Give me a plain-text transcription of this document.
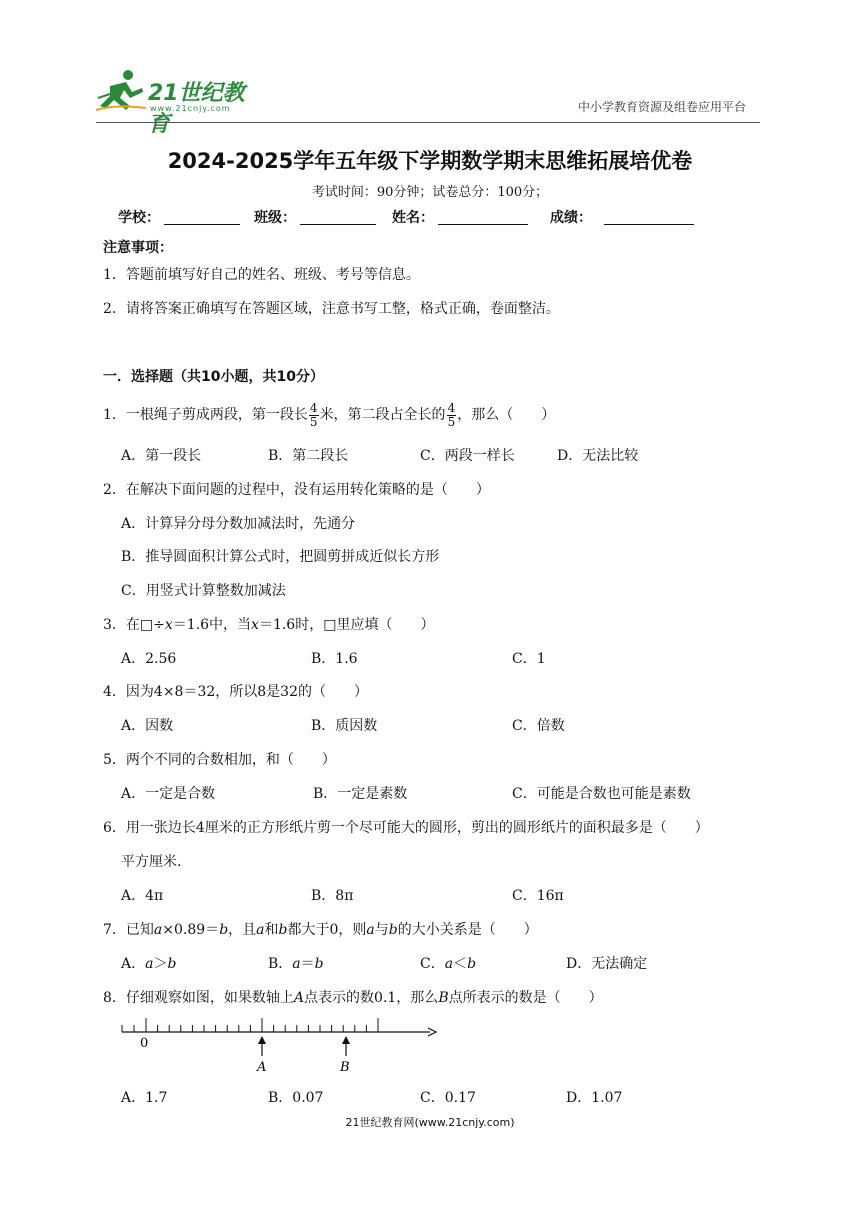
21世纪教育
www.21cnjy.com	中小学教育资源及组卷应用平台
2024-2025学年五年级下学期数学期末思维拓展培优卷
考试时间：90分钟；试卷总分：100分；
学校：	班级：	姓名：	成绩：
注意事项：
1．答题前填写好自己的姓名、班级、考号等信息。
2．请将答案正确填写在答题区域，注意书写工整，格式正确，卷面整洁。
一．选择题（共10小题，共10分）
1．一根绳子剪成两段，第一段长 $\frac{4}{5}$ 米，第二段占全长的 $\frac{4}{5}$ ，那么（　　）
A．第一段长	B．第二段长	C．两段一样长	D．无法比较
2．在解决下面问题的过程中，没有运用转化策略的是（　　）
A．计算异分母分数加减法时，先通分
B．推导圆面积计算公式时，把圆剪拼成近似长方形
C．用竖式计算整数加减法
3．在□÷x＝1.6中，当x＝1.6时，□里应填（　　）
A．2.56	B．1.6	C．1
4．因为4×8＝32，所以8是32的（　　）
A．因数	B．质因数	C．倍数
5．两个不同的合数相加，和（　　）
A．一定是合数	B．一定是素数	C．可能是合数也可能是素数
6．用一张边长4厘米的正方形纸片剪一个尽可能大的圆形，剪出的圆形纸片的面积最多是（　　）
平方厘米.
A．4π	B．8π	C．16π
7．已知a×0.89＝b，且a和b都大于0，则a与b的大小关系是（　　）
A．a＞b	B．a＝b	C．a＜b	D．无法确定
8．仔细观察如图，如果数轴上A点表示的数0.1，那么B点所表示的数是（　　）
0
A	B
A．1.7	B．0.07	C．0.17	D．1.07
21世纪教育网(www.21cnjy.com)
